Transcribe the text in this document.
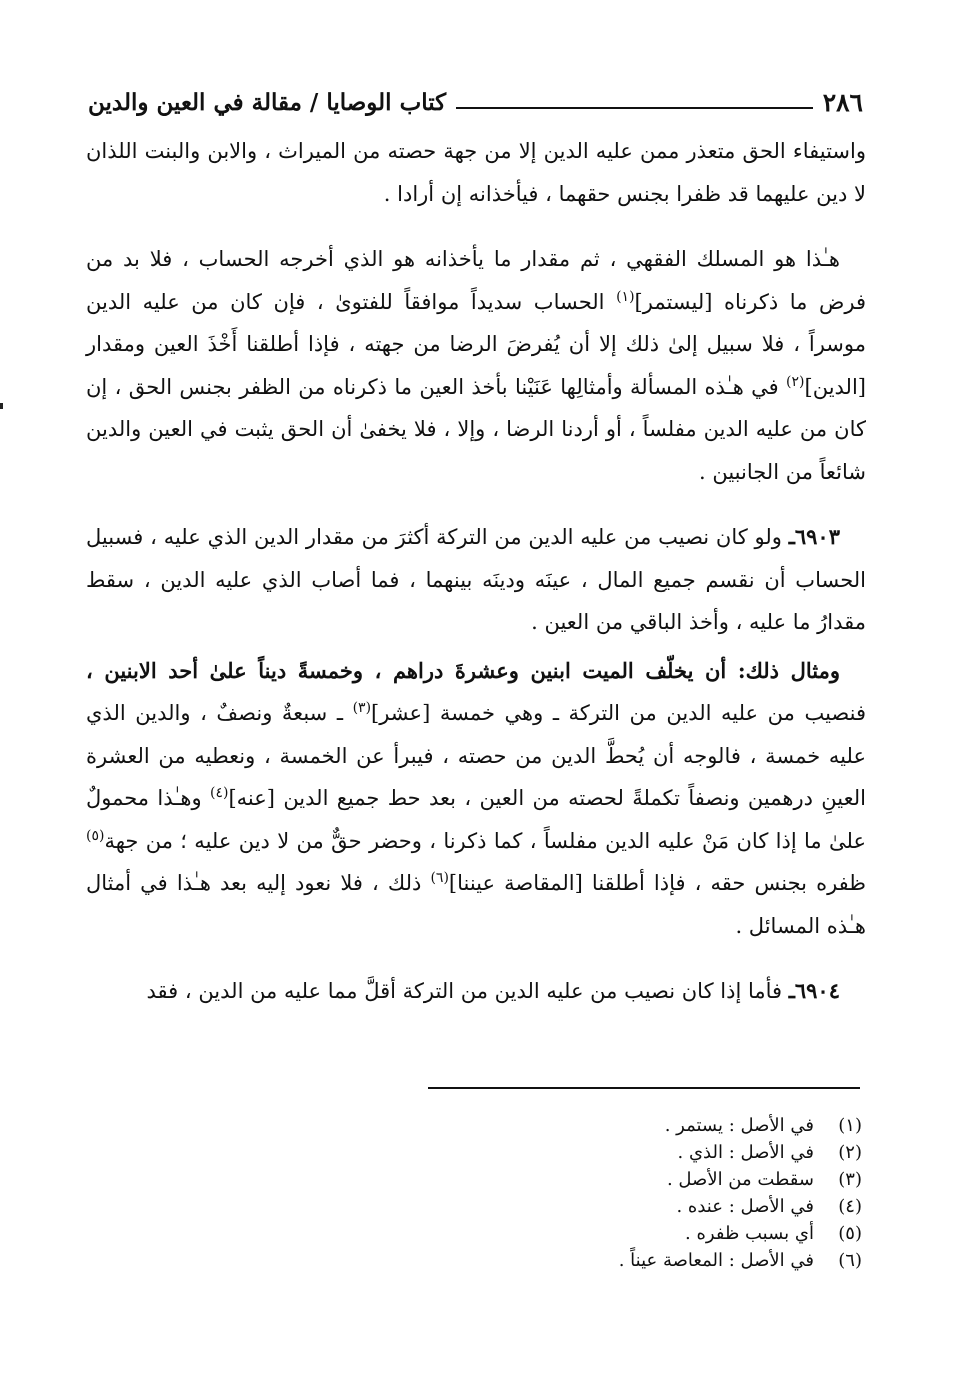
٢٨٦
كتاب الوصايا / مقالة في العين والدين

واستيفاء الحق متعذر ممن عليه الدين إلا من جهة حصته من الميراث ، والابن والبنت اللذان لا دين عليهما قد ظفرا بجنس حقهما ، فيأخذانه إن أرادا .

هـٰذا هو المسلك الفقهي ، ثم مقدار ما يأخذانه هو الذي أخرجه الحساب ، فلا بد من فرض ما ذكرناه [ليستمر]$^{(١)}$ الحساب سديداً موافقاً للفتوىٰ ، فإن كان من عليه الدين موسراً ، فلا سبيل إلىٰ ذلك إلا أن يُفرضَ الرضا من جهته ، فإذا أطلقنا أَخْذَ العين ومقدار [الدين]$^{(٢)}$ في هـٰذه المسألة وأمثالِها عَنَيْنا بأخذ العين ما ذكرناه من الظفر بجنس الحق ، إن كان من عليه الدين مفلساً ، أو أردنا الرضا ، وإلا ، فلا يخفىٰ أن الحق يثبت في العين والدين شائعاً من الجانبين .

٦٩٠٣ـ ولو كان نصيب من عليه الدين من التركة أكثرَ من مقدار الدين الذي عليه ، فسبيل الحساب أن نقسم جميع المال ، عينَه ودينَه بينهما ، فما أصاب الذي عليه الدين ، سقط مقدارُ ما عليه ، وأخذ الباقي من العين .

ومثال ذلك: أن يخلّف الميت ابنين وعشرةَ دراهم ، وخمسةً ديناً علىٰ أحد الابنين ، فنصيب من عليه الدين من التركة ـ وهي خمسة [عشر]$^{(٣)}$ ـ سبعةٌ ونصفٌ ، والدين الذي عليه خمسة ، فالوجه أن يُحطَّ الدين من حصته ، فيبرأ عن الخمسة ، ونعطيه من العشرة العينِ درهمين ونصفاً تكملةً لحصته من العين ، بعد حط جميع الدين [عنه]$^{(٤)}$ وهـٰذا محمولٌ علىٰ ما إذا كان مَنْ عليه الدين مفلساً ، كما ذكرنا ، وحضر حقٌّ من لا دين عليه ؛ من جهة$^{(٥)}$ ظفره بجنس حقه ، فإذا أطلقنا [المقاصة عيننا]$^{(٦)}$ ذلك ، فلا نعود إليه بعد هـٰذا في أمثال هـٰذه المسائل .

٦٩٠٤ـ فأما إذا كان نصيب من عليه الدين من التركة أقلَّ مما عليه من الدين ، فقد

(١)
في الأصل : يستمر .
(٢)
في الأصل : الذي .
(٣)
سقطت من الأصل .
(٤)
في الأصل : عنده .
(٥)
أي بسبب ظفره .
(٦)
في الأصل : المعاصة عيناً .
